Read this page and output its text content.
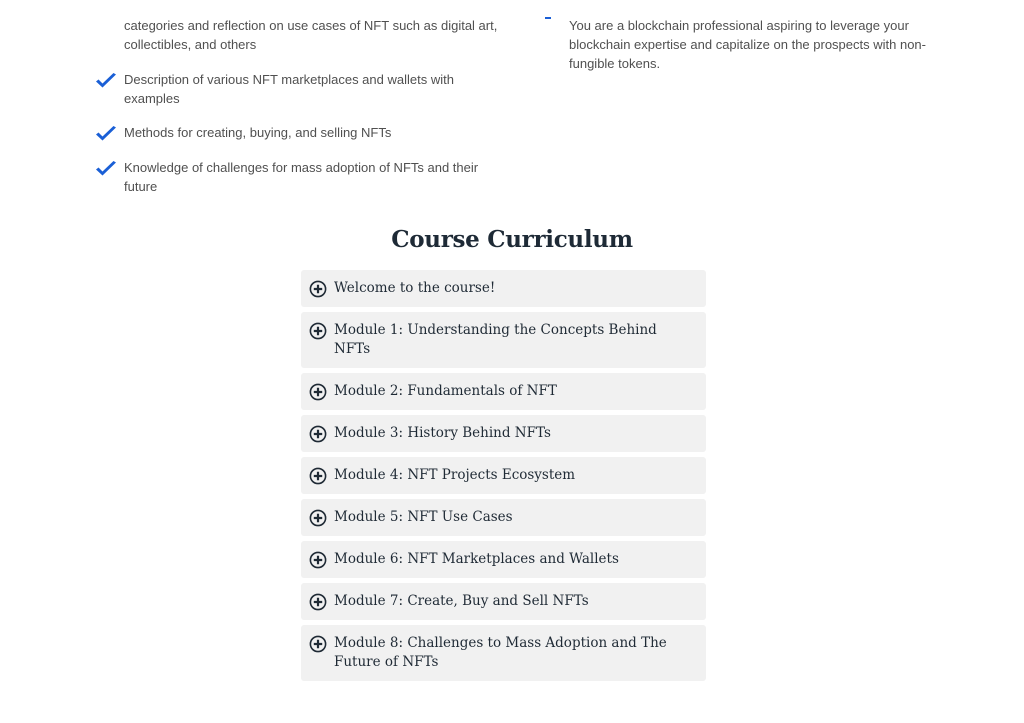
categories and reflection on use cases of NFT such as digital art, collectibles, and others
Description of various NFT marketplaces and wallets with examples
Methods for creating, buying, and selling NFTs
Knowledge of challenges for mass adoption of NFTs and their future
You are a blockchain professional aspiring to leverage your blockchain expertise and capitalize on the prospects with non-fungible tokens.
Course Curriculum
Welcome to the course!
Module 1: Understanding the Concepts Behind NFTs
Module 2: Fundamentals of NFT
Module 3: History Behind NFTs
Module 4: NFT Projects Ecosystem
Module 5: NFT Use Cases
Module 6: NFT Marketplaces and Wallets
Module 7: Create, Buy and Sell NFTs
Module 8: Challenges to Mass Adoption and The Future of NFTs
